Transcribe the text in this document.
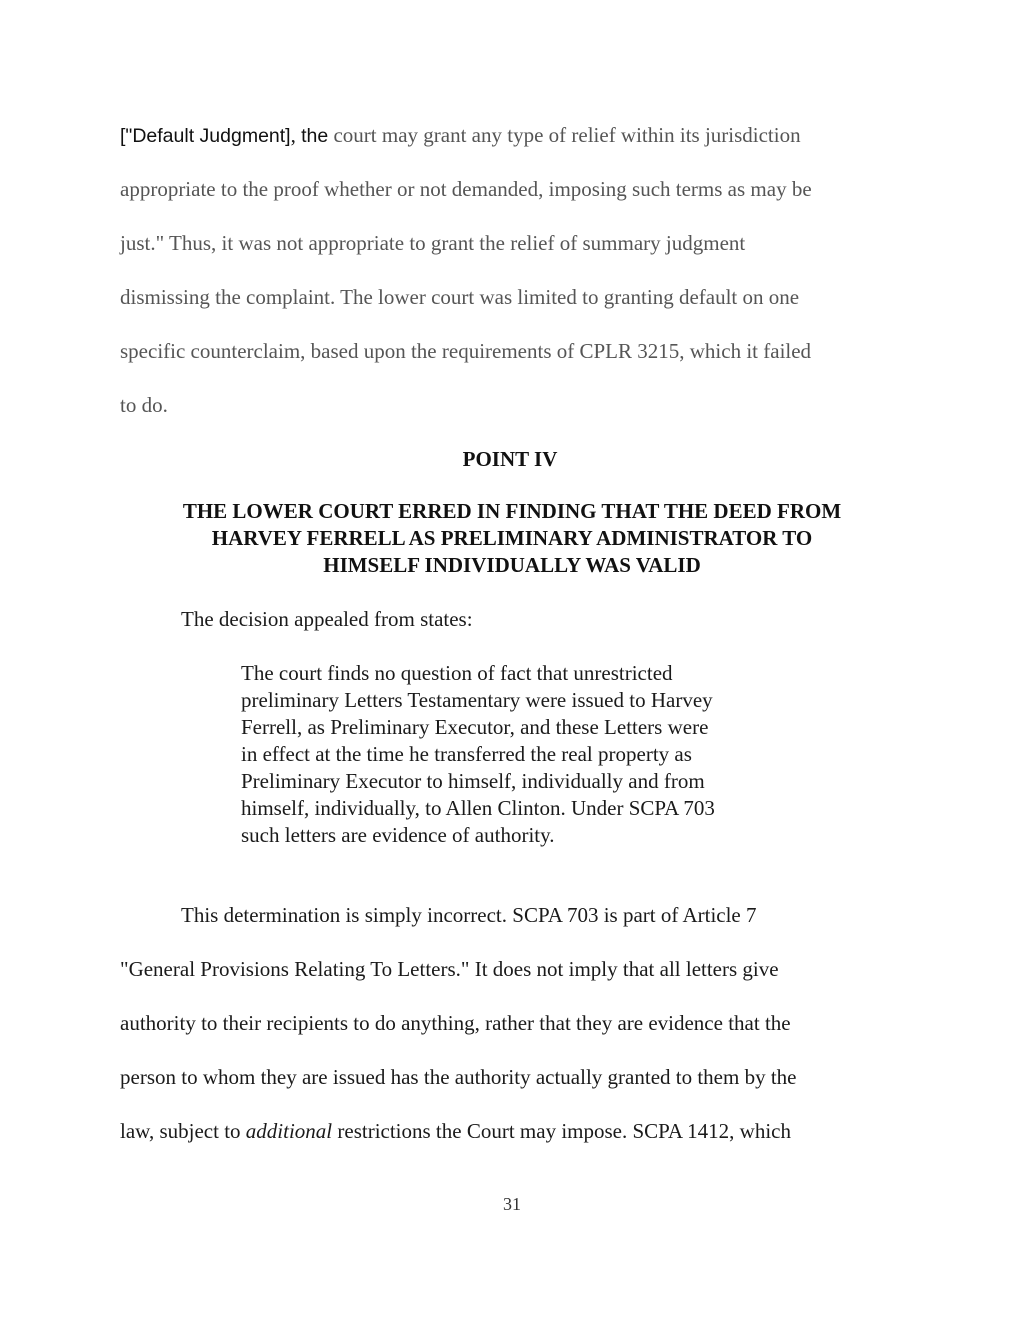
["Default Judgment], the court may grant any type of relief within its jurisdiction
appropriate to the proof whether or not demanded, imposing such terms as may be
just." Thus, it was not appropriate to grant the relief of summary judgment
dismissing the complaint. The lower court was limited to granting default on one
specific counterclaim, based upon the requirements of CPLR 3215, which it failed
to do.
POINT IV
THE LOWER COURT ERRED IN FINDING THAT THE DEED FROM
HARVEY FERRELL AS PRELIMINARY ADMINISTRATOR TO
HIMSELF INDIVIDUALLY WAS VALID
The decision appealed from states:
The court finds no question of fact that unrestricted
preliminary Letters Testamentary were issued to Harvey
Ferrell, as Preliminary Executor, and these Letters were
in effect at the time he transferred the real property as
Preliminary Executor to himself, individually and from
himself, individually, to Allen Clinton. Under SCPA 703
such letters are evidence of authority.
This determination is simply incorrect. SCPA 703 is part of Article 7
"General Provisions Relating To Letters." It does not imply that all letters give
authority to their recipients to do anything, rather that they are evidence that the
person to whom they are issued has the authority actually granted to them by the
law, subject to additional restrictions the Court may impose. SCPA 1412, which
31
